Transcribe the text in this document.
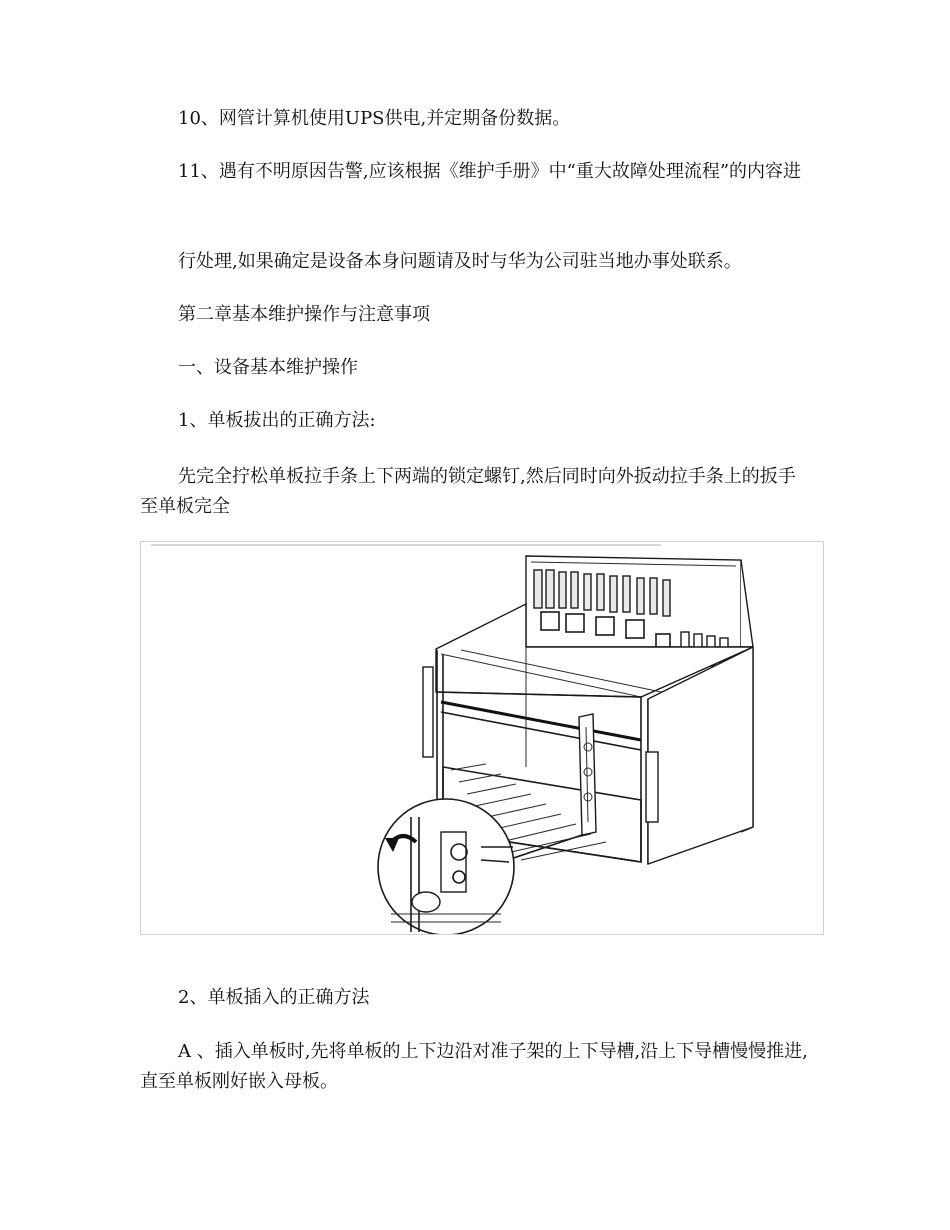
10、网管计算机使用UPS供电,并定期备份数据。

11、遇有不明原因告警,应该根据《维护手册》中“重大故障处理流程”的内容进

行处理,如果确定是设备本身问题请及时与华为公司驻当地办事处联系。

第二章基本维护操作与注意事项

一、设备基本维护操作

1、单板拔出的正确方法:

先完全拧松单板拉手条上下两端的锁定螺钉,然后同时向外扳动拉手条上的扳手至单板完全

2、单板插入的正确方法

A 、插入单板时,先将单板的上下边沿对准子架的上下导槽,沿上下导槽慢慢推进,直至单板刚好嵌入母板。
